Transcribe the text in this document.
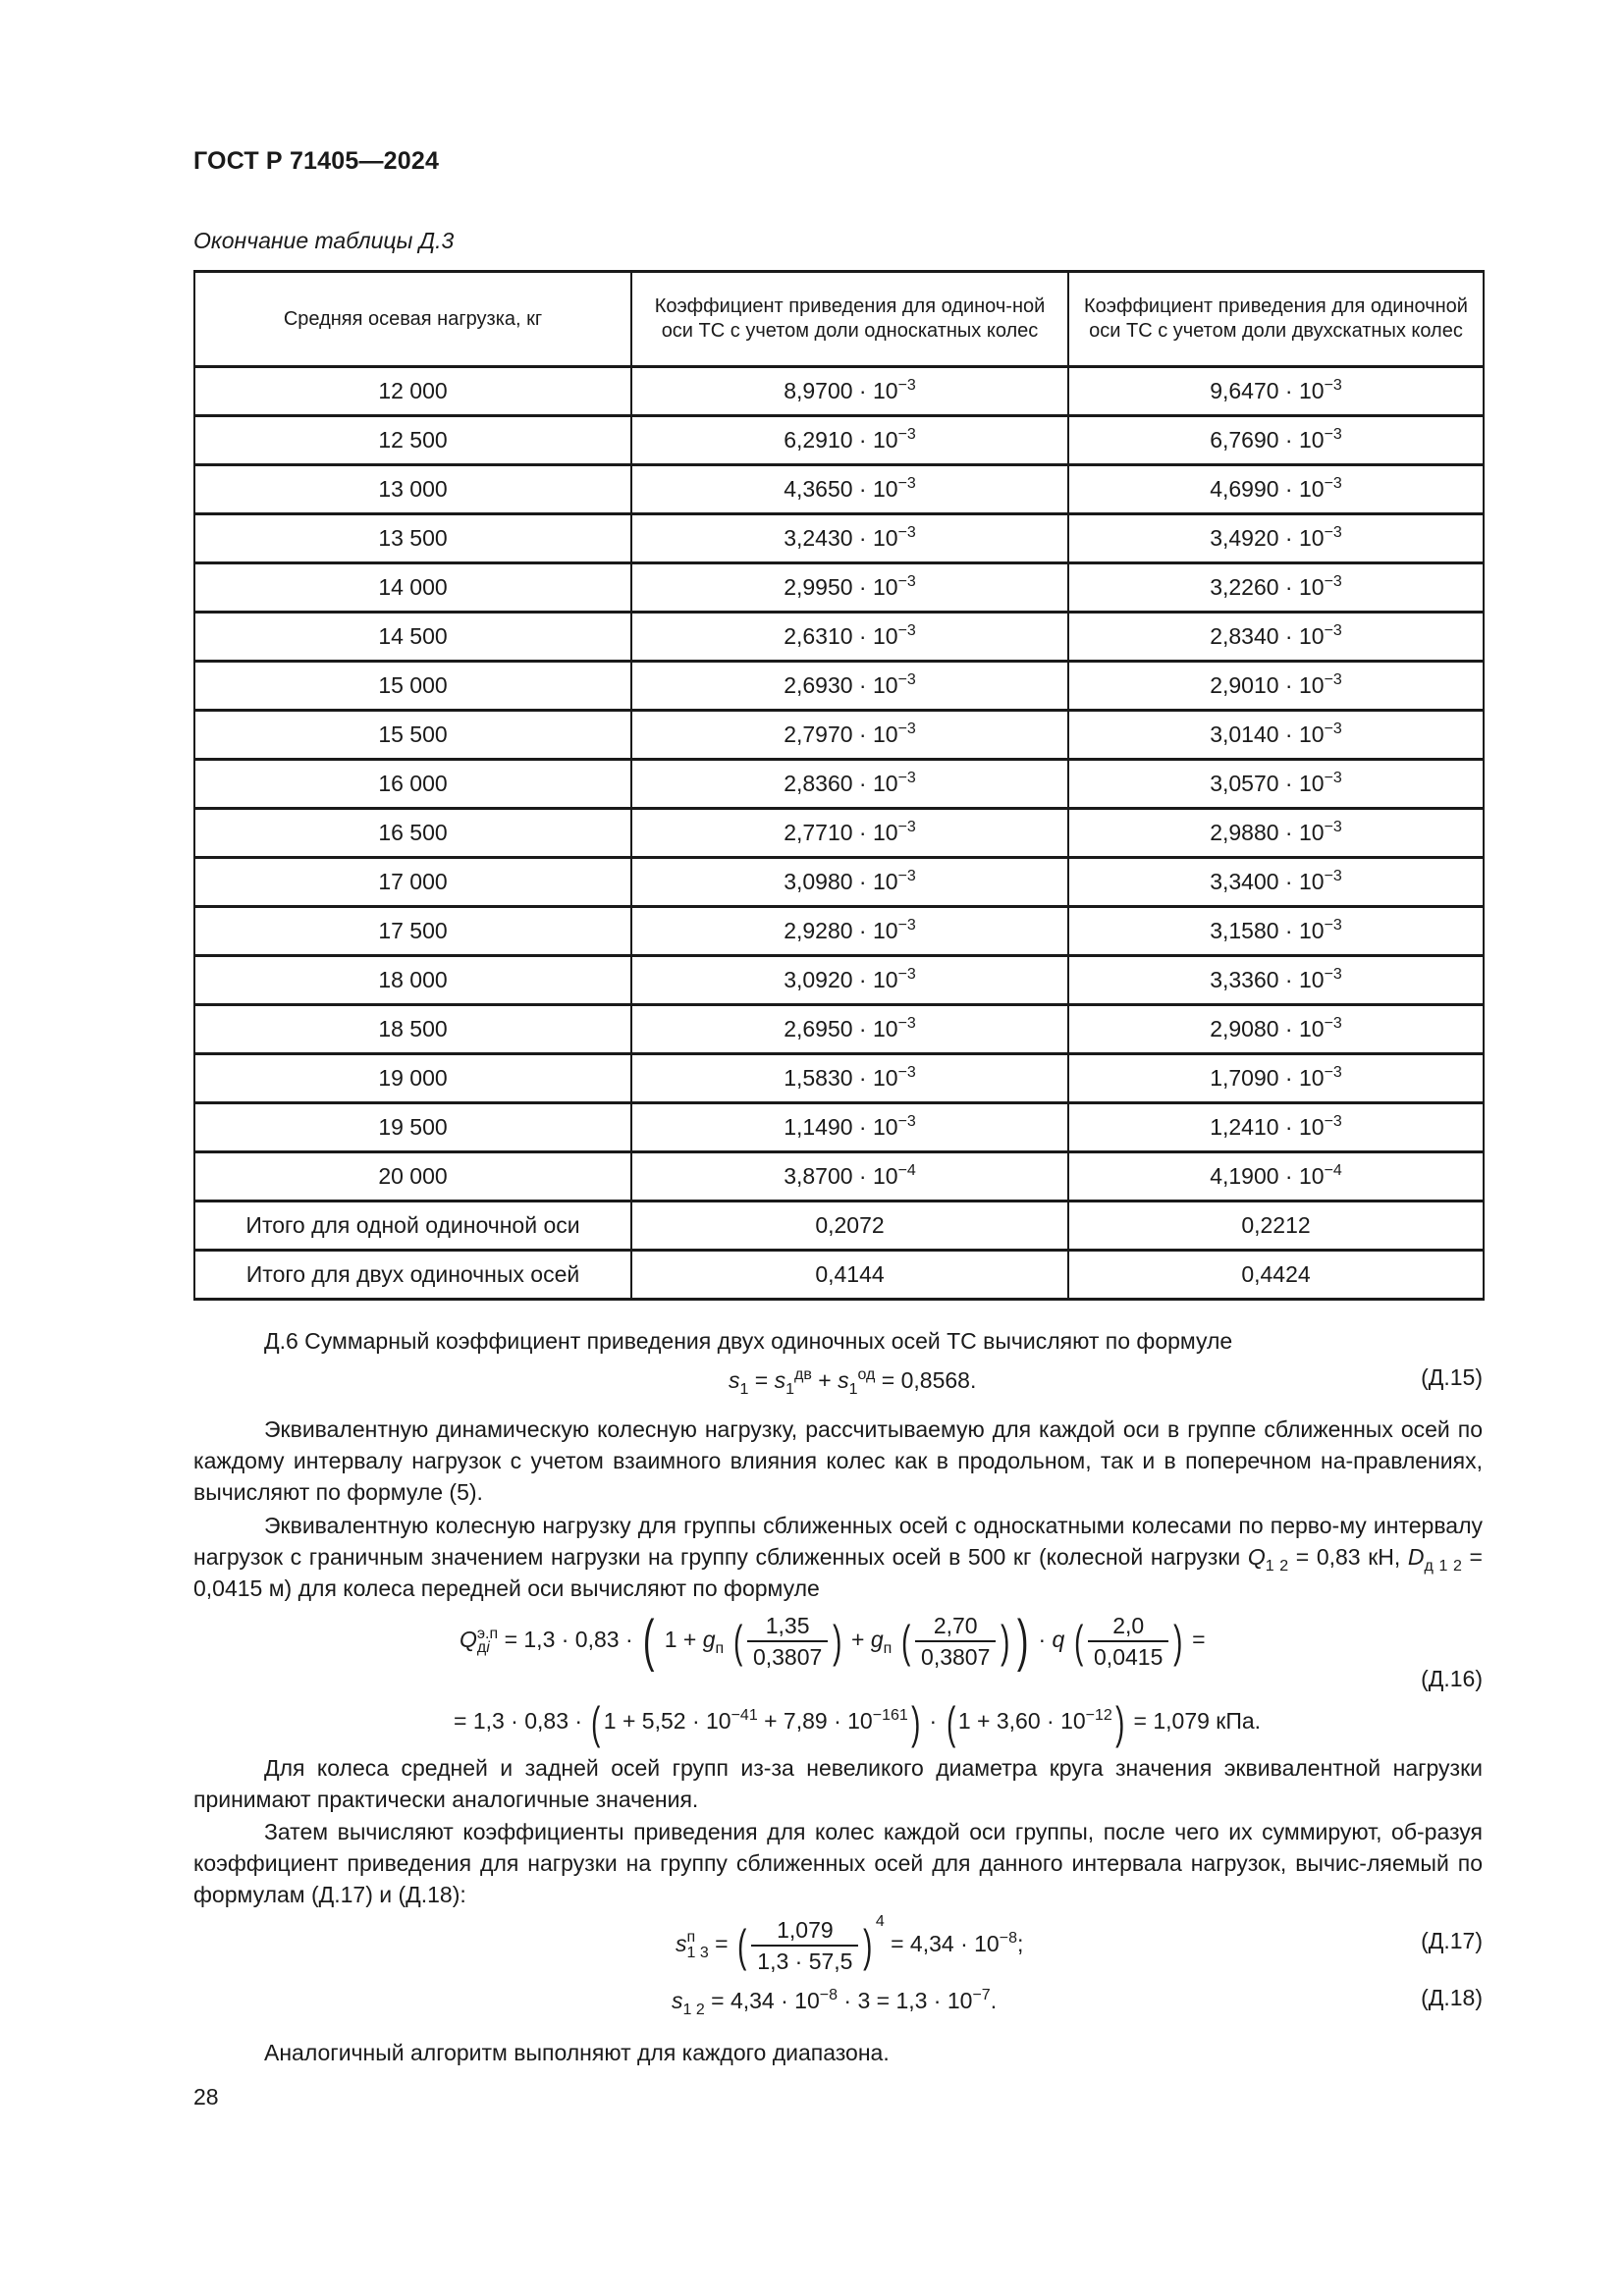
ГОСТ Р 71405—2024
Окончание таблицы Д.3
Средняя осевая нагрузка, кг	Коэффициент приведения для одиноч-ной оси ТС с учетом доли односкатных колес	Коэффициент приведения для одиночной оси ТС с учетом доли двухскатных колес
12 000	$8,9700 \cdot 10^{-3}$	$9,6470 \cdot 10^{-3}$
12 500	$6,2910 \cdot 10^{-3}$	$6,7690 \cdot 10^{-3}$
13 000	$4,3650 \cdot 10^{-3}$	$4,6990 \cdot 10^{-3}$
13 500	$3,2430 \cdot 10^{-3}$	$3,4920 \cdot 10^{-3}$
14 000	$2,9950 \cdot 10^{-3}$	$3,2260 \cdot 10^{-3}$
14 500	$2,6310 \cdot 10^{-3}$	$2,8340 \cdot 10^{-3}$
15 000	$2,6930 \cdot 10^{-3}$	$2,9010 \cdot 10^{-3}$
15 500	$2,7970 \cdot 10^{-3}$	$3,0140 \cdot 10^{-3}$
16 000	$2,8360 \cdot 10^{-3}$	$3,0570 \cdot 10^{-3}$
16 500	$2,7710 \cdot 10^{-3}$	$2,9880 \cdot 10^{-3}$
17 000	$3,0980 \cdot 10^{-3}$	$3,3400 \cdot 10^{-3}$
17 500	$2,9280 \cdot 10^{-3}$	$3,1580 \cdot 10^{-3}$
18 000	$3,0920 \cdot 10^{-3}$	$3,3360 \cdot 10^{-3}$
18 500	$2,6950 \cdot 10^{-3}$	$2,9080 \cdot 10^{-3}$
19 000	$1,5830 \cdot 10^{-3}$	$1,7090 \cdot 10^{-3}$
19 500	$1,1490 \cdot 10^{-3}$	$1,2410 \cdot 10^{-3}$
20 000	$3,8700 \cdot 10^{-4}$	$4,1900 \cdot 10^{-4}$
Итого для одной одиночной оси	0,2072	0,2212
Итого для двух одиночных осей	0,4144	0,4424
Д.6 Суммарный коэффициент приведения двух одиночных осей ТС вычисляют по формуле
$s_1 = s_1^{дв} + s_1^{од} = 0,8568$.	(Д.15)
Эквивалентную динамическую колесную нагрузку, рассчитываемую для каждой оси в группе сближенных осей по каждому интервалу нагрузок с учетом взаимного влияния колес как в продольном, так и в поперечном на-правлениях, вычисляют по формуле (5).
Эквивалентную колесную нагрузку для группы сближенных осей с односкатными колесами по перво-му интервалу нагрузок с граничным значением нагрузки на группу сближенных осей в 500 кг (колесной нагрузки $Q_{1 2} = 0,83$ кН, $D_{д 1 2} = 0,0415$ м) для колеса передней оси вычисляют по формуле
Q э.п
дi = 1,3 · 0,83 · ( $1 + g_п$ ( $\frac{1,35}{0,3807}$ ) + $g_п$ ( $\frac{2,70}{0,3807}$ ) ) · q ( $\frac{2,0}{0,0415}$ ) =
= 1,3 · 0,83 · ( $1 + 5,52 \cdot 10^{-41} + 7,89 \cdot 10^{-161}$) · ( $1 + 3,60 \cdot 10^{-12}) = 1,079$ кПа.
(Д.16)
Для колеса средней и задней осей групп из-за невеликого диаметра круга значения эквивалентной нагрузки принимают практически аналогичные значения.
Затем вычисляют коэффициенты приведения для колес каждой оси группы, после чего их суммируют, об-разуя коэффициент приведения для нагрузки на группу сближенных осей для данного интервала нагрузок, вычис-ляемый по формулам (Д.17) и (Д.18):
s п
1 3 = ( $\frac{1,079}{1,3 \cdot 57,5}$ ) $^4 = 4,34 \cdot 10^{-8}$;	(Д.17)
$s_{1 2} = 4,34 \cdot 10^{-8} \cdot 3 = 1,3 \cdot 10^{-7}$.	(Д.18)
Аналогичный алгоритм выполняют для каждого диапазона.
28
